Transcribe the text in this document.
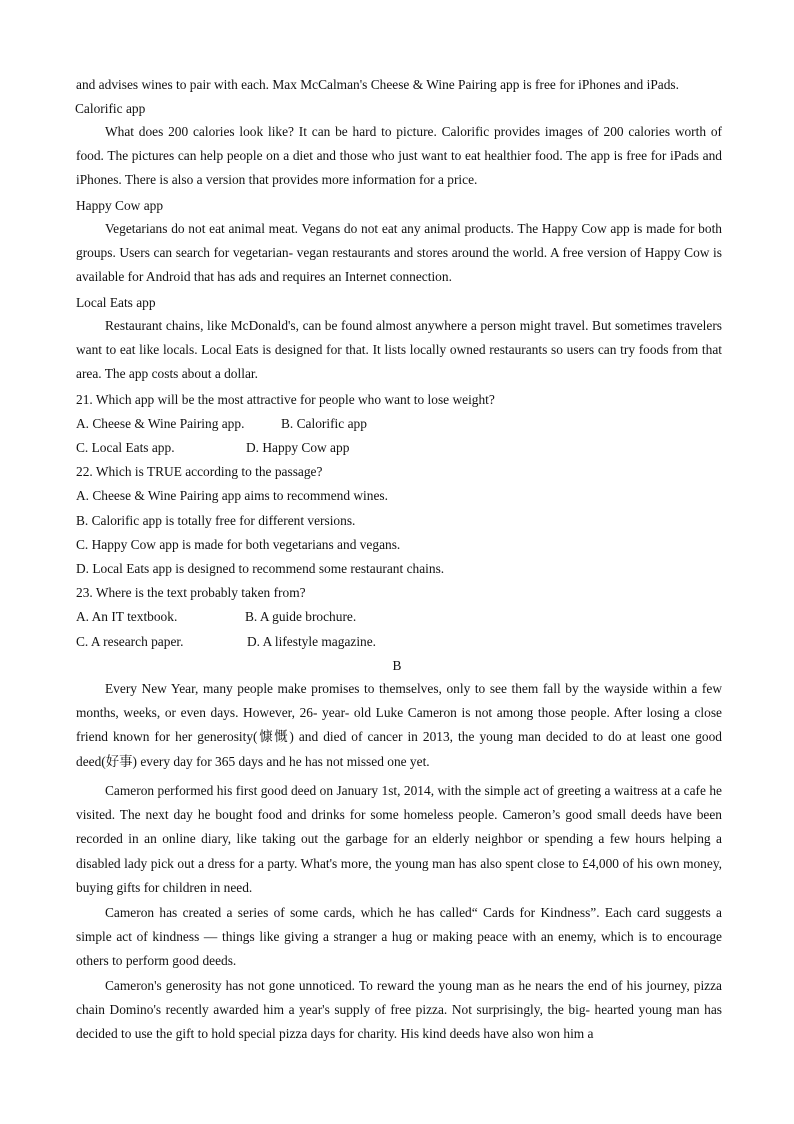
and advises wines to pair with each. Max McCalman's Cheese & Wine Pairing app is free for iPhones and iPads.
Calorific app
What does 200 calories look like? It can be hard to picture. Calorific provides images of 200 calories worth of food. The pictures can help people on a diet and those who just want to eat healthier food. The app is free for iPads and iPhones. There is also a version that provides more information for a price.
Happy Cow app
Vegetarians do not eat animal meat. Vegans do not eat any animal products. The Happy Cow app is made for both groups. Users can search for vegetarian- vegan restaurants and stores around the world. A free version of Happy Cow is available for Android that has ads and requires an Internet connection.
Local Eats app
Restaurant chains, like McDonald's, can be found almost anywhere a person might travel. But sometimes travelers want to eat like locals. Local Eats is designed for that. It lists locally owned restaurants so users can try foods from that area. The app costs about a dollar.
21. Which app will be the most attractive for people who want to lose weight?
A. Cheese & Wine Pairing app.	B. Calorific app
C. Local Eats app.	D. Happy Cow app
22. Which is TRUE according to the passage?
A. Cheese & Wine Pairing app aims to recommend wines.
B. Calorific app is totally free for different versions.
C. Happy Cow app is made for both vegetarians and vegans.
D. Local Eats app is designed to recommend some restaurant chains.
23. Where is the text probably taken from?
A. An IT textbook.	B. A guide brochure.
C. A research paper.	D. A lifestyle magazine.
B
Every New Year, many people make promises to themselves, only to see them fall by the wayside within a few months, weeks, or even days. However, 26- year- old Luke Cameron is not among those people. After losing a close friend known for her generosity(慷慨) and died of cancer in 2013, the young man decided to do at least one good deed(好事) every day for 365 days and he has not missed one yet.
Cameron performed his first good deed on January 1st, 2014, with the simple act of greeting a waitress at a cafe he visited. The next day he bought food and drinks for some homeless people. Cameron’s good small deeds have been recorded in an online diary, like taking out the garbage for an elderly neighbor or spending a few hours helping a disabled lady pick out a dress for a party. What's more, the young man has also spent close to £4,000 of his own money, buying gifts for children in need.
Cameron has created a series of some cards, which he has called“ Cards for Kindness”. Each card suggests a simple act of kindness — things like giving a stranger a hug or making peace with an enemy, which is to encourage others to perform good deeds.
Cameron's generosity has not gone unnoticed. To reward the young man as he nears the end of his journey, pizza chain Domino's recently awarded him a year's supply of free pizza. Not surprisingly, the big- hearted young man has decided to use the gift to hold special pizza days for charity. His kind deeds have also won him a
